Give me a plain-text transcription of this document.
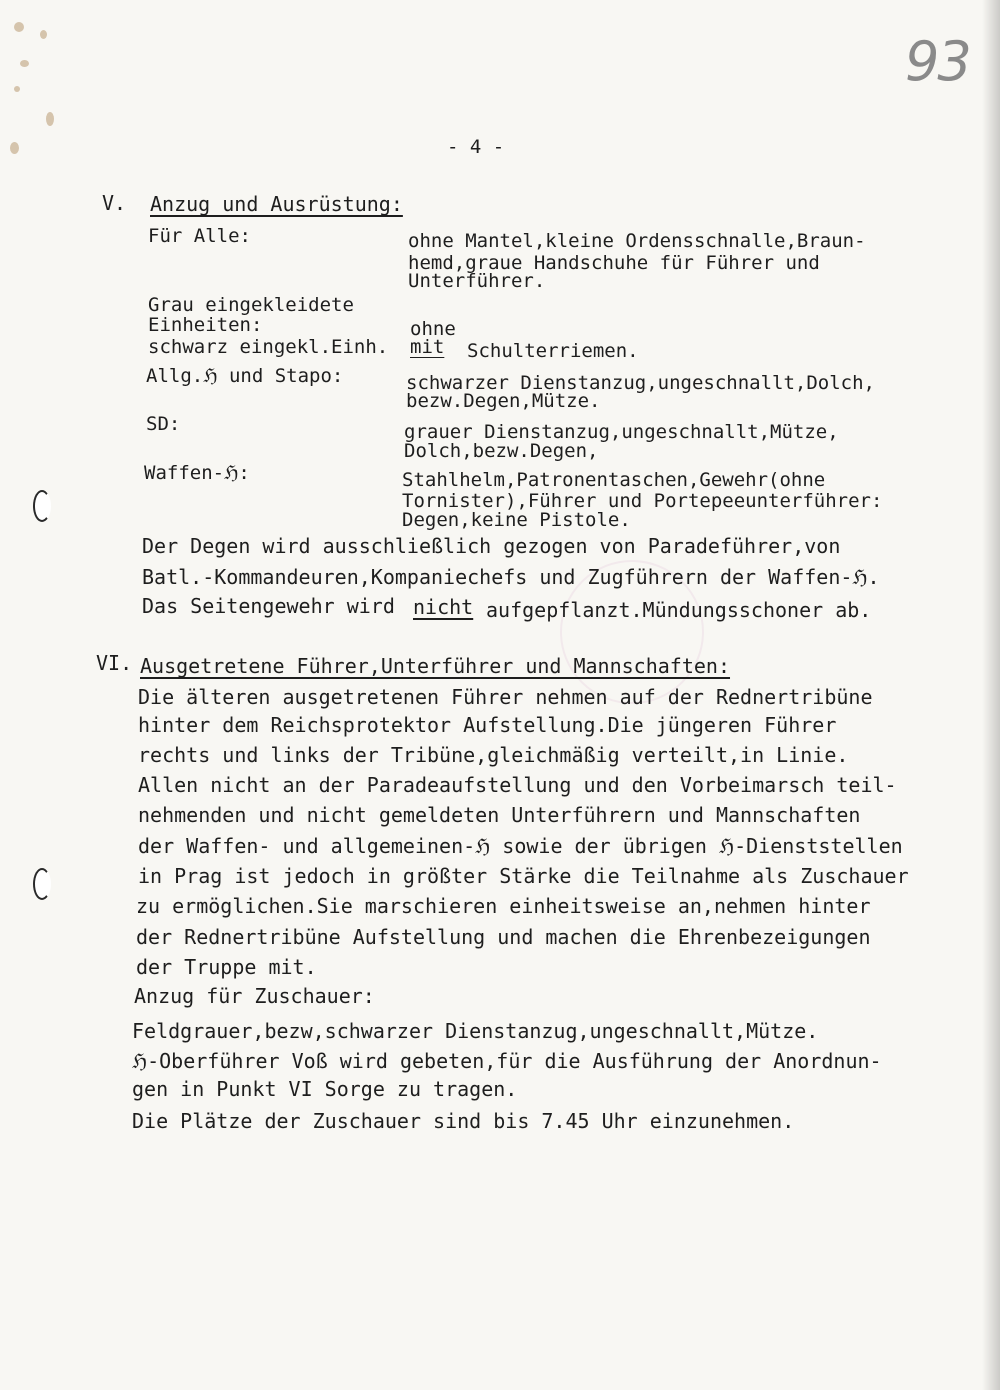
93
- 4 -
V. Anzug und Ausrüstung:
Für Alle:	ohne Mantel,kleine Ordensschnalle,Braun-
hemd,graue Handschuhe für Führer und
Unterführer.
Grau eingekleidete
Einheiten:	ohne
schwarz eingekl.Einh. mit Schulterriemen.
Allg.ℌ und Stapo:	schwarzer Dienstanzug,ungeschnallt,Dolch,
bezw.Degen,Mütze.
SD:	grauer Dienstanzug,ungeschnallt,Mütze,
Dolch,bezw.Degen,
Waffen-ℌ:	Stahlhelm,Patronentaschen,Gewehr(ohne
Tornister),Führer und Portepeeunterführer:
Degen,keine Pistole.
Der Degen wird ausschließlich gezogen von Paradeführer,von
Batl.-Kommandeuren,Kompaniechefs und Zugführern der Waffen-ℌ.
Das Seitengewehr wird nicht aufgepflanzt.Mündungsschoner ab.
VI. Ausgetretene Führer,Unterführer und Mannschaften:
Die älteren ausgetretenen Führer nehmen auf der Rednertribüne
hinter dem Reichsprotektor Aufstellung.Die jüngeren Führer
rechts und links der Tribüne,gleichmäßig verteilt,in Linie.
Allen nicht an der Paradeaufstellung und den Vorbeimarsch teil-
nehmenden und nicht gemeldeten Unterführern und Mannschaften
der Waffen- und allgemeinen-ℌ sowie der übrigen ℌ-Dienststellen
in Prag ist jedoch in größter Stärke die Teilnahme als Zuschauer
zu ermöglichen.Sie marschieren einheitsweise an,nehmen hinter
der Rednertribüne Aufstellung und machen die Ehrenbezeigungen
der Truppe mit.
Anzug für Zuschauer:
Feldgrauer,bezw,schwarzer Dienstanzug,ungeschnallt,Mütze.
ℌ-Oberführer Voß wird gebeten,für die Ausführung der Anordnun-
gen in Punkt VI Sorge zu tragen.
Die Plätze der Zuschauer sind bis 7.45 Uhr einzunehmen.
